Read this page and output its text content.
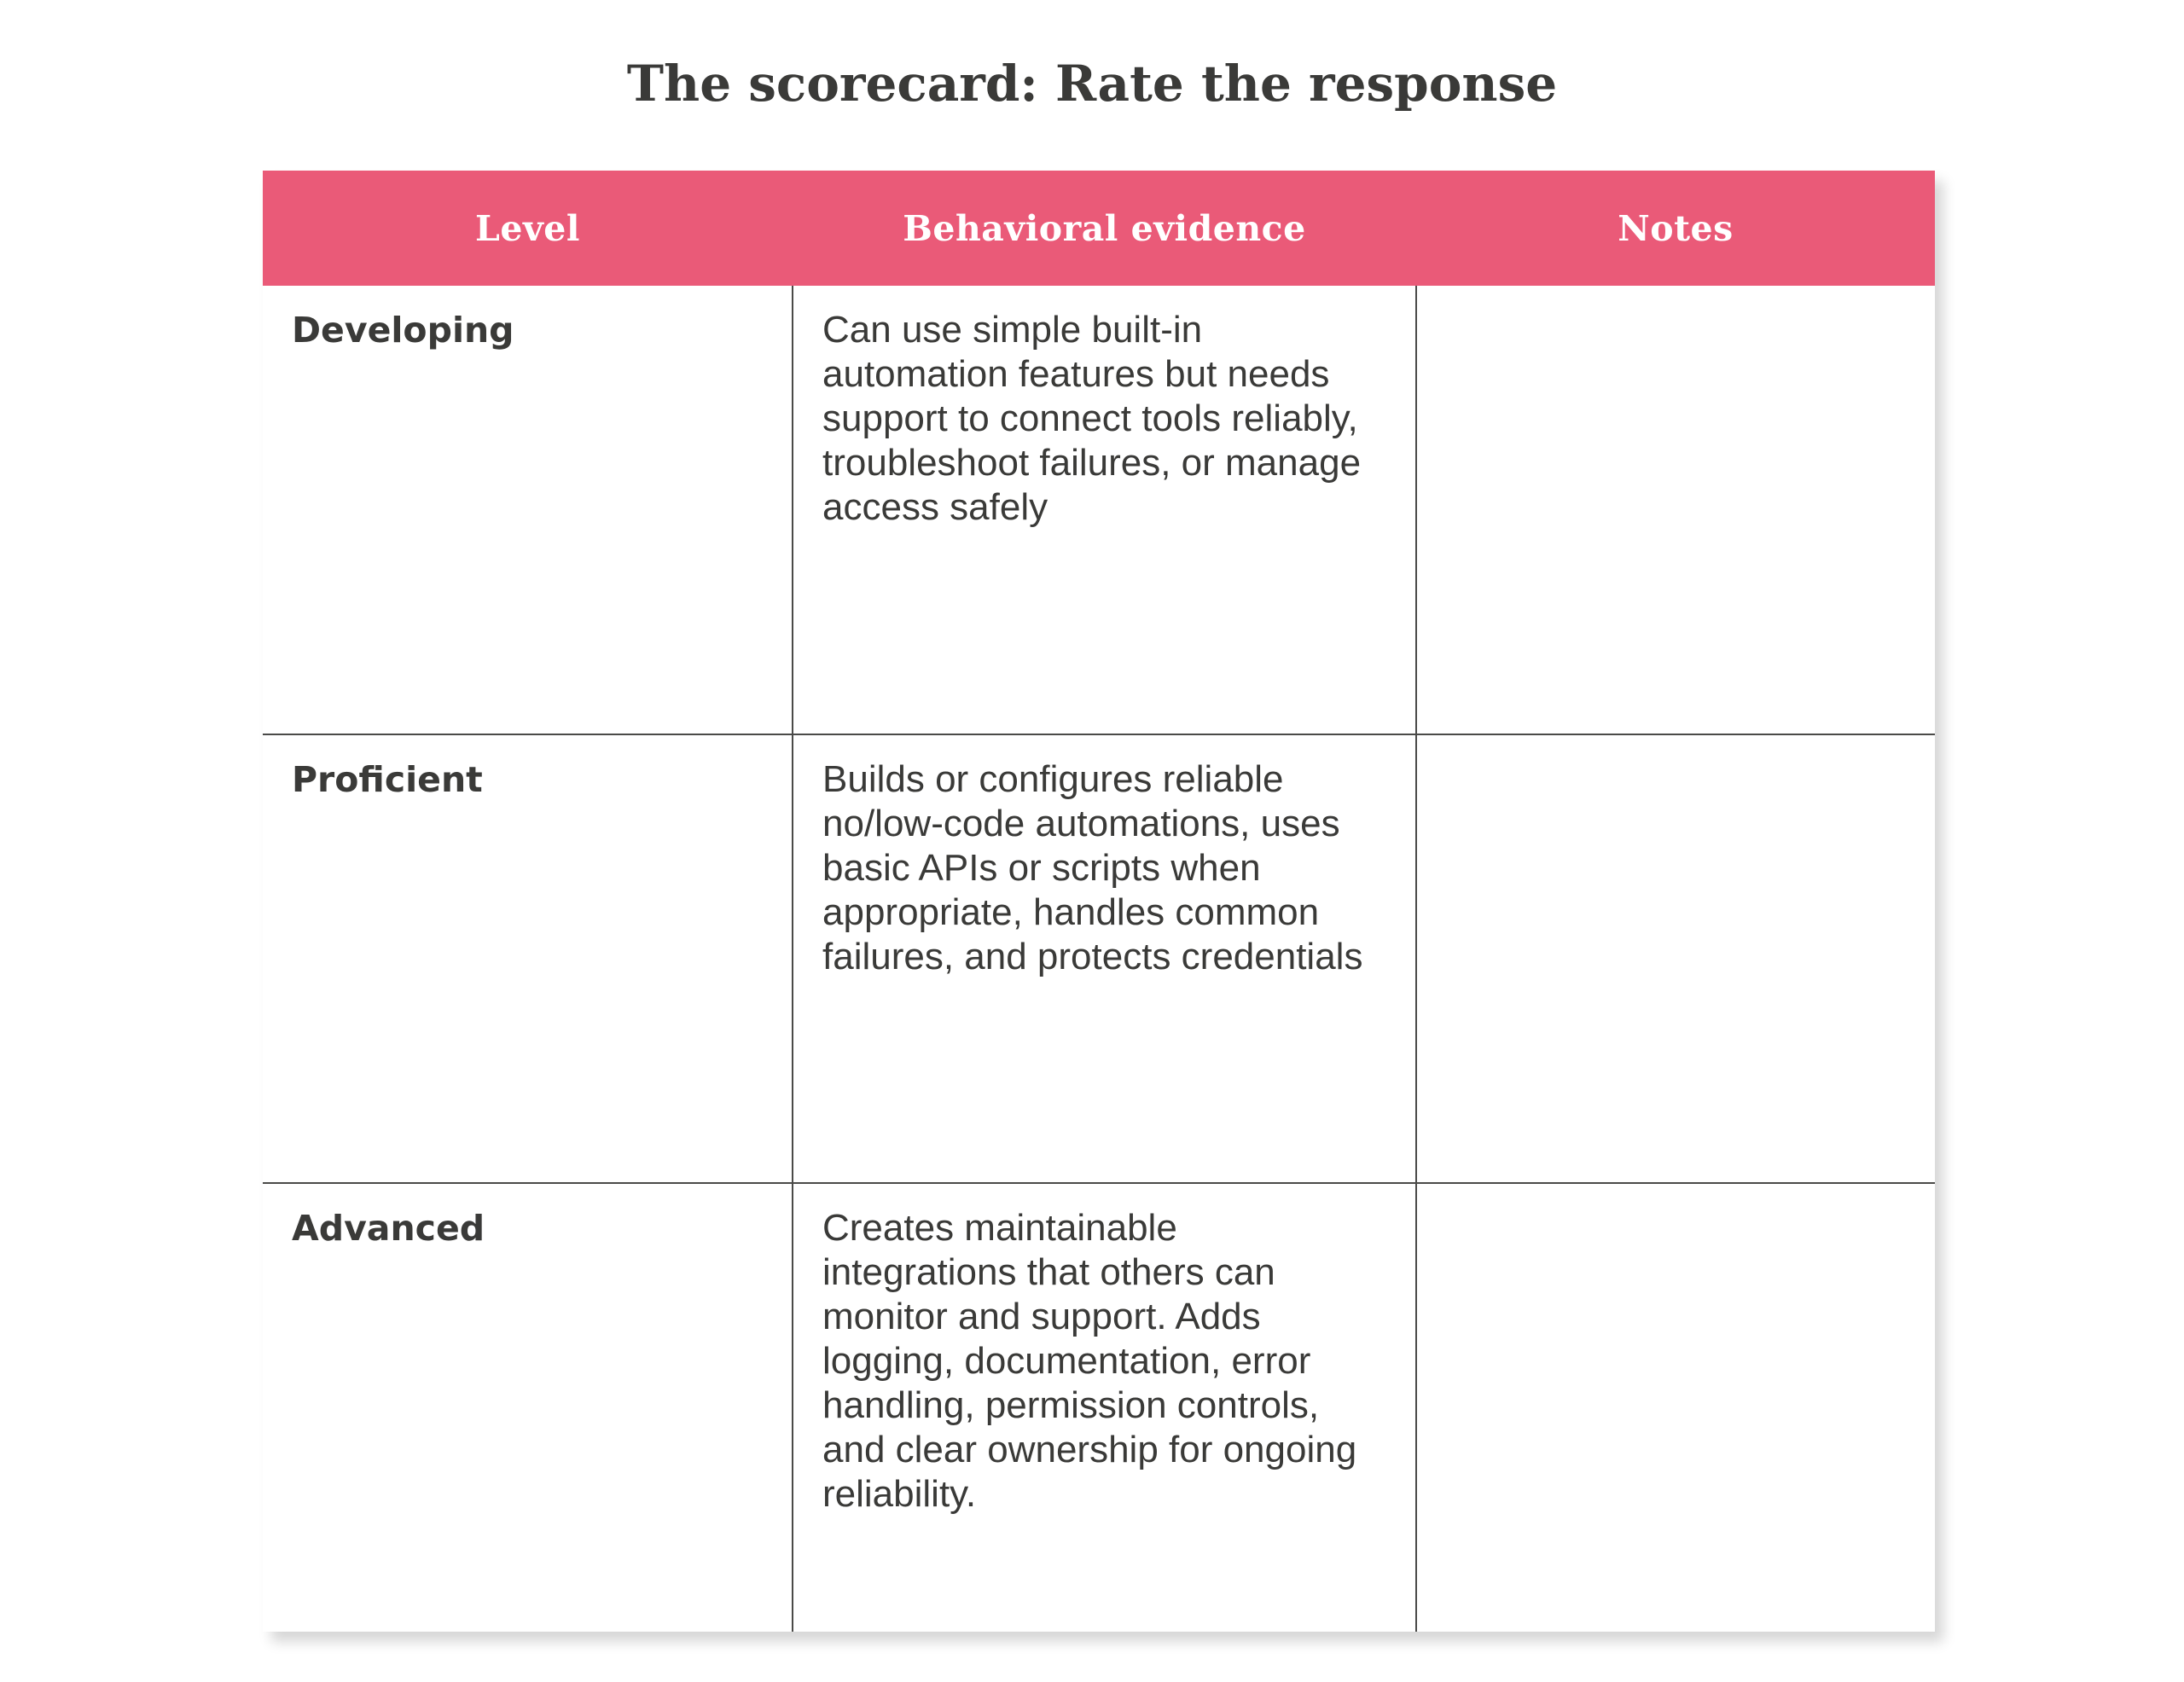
The scorecard: Rate the response
Level	Behavioral evidence	Notes
Developing	Can use simple built-in automation features but needs support to connect tools reliably, troubleshoot failures, or manage access safely	

Proficient	Builds or configures reliable no/low-code automations, uses basic APIs or scripts when appropriate, handles common failures, and protects credentials	

Advanced	Creates maintainable integrations that others can monitor and support. Adds logging, documentation, error handling, permission controls, and clear ownership for ongoing reliability.	
